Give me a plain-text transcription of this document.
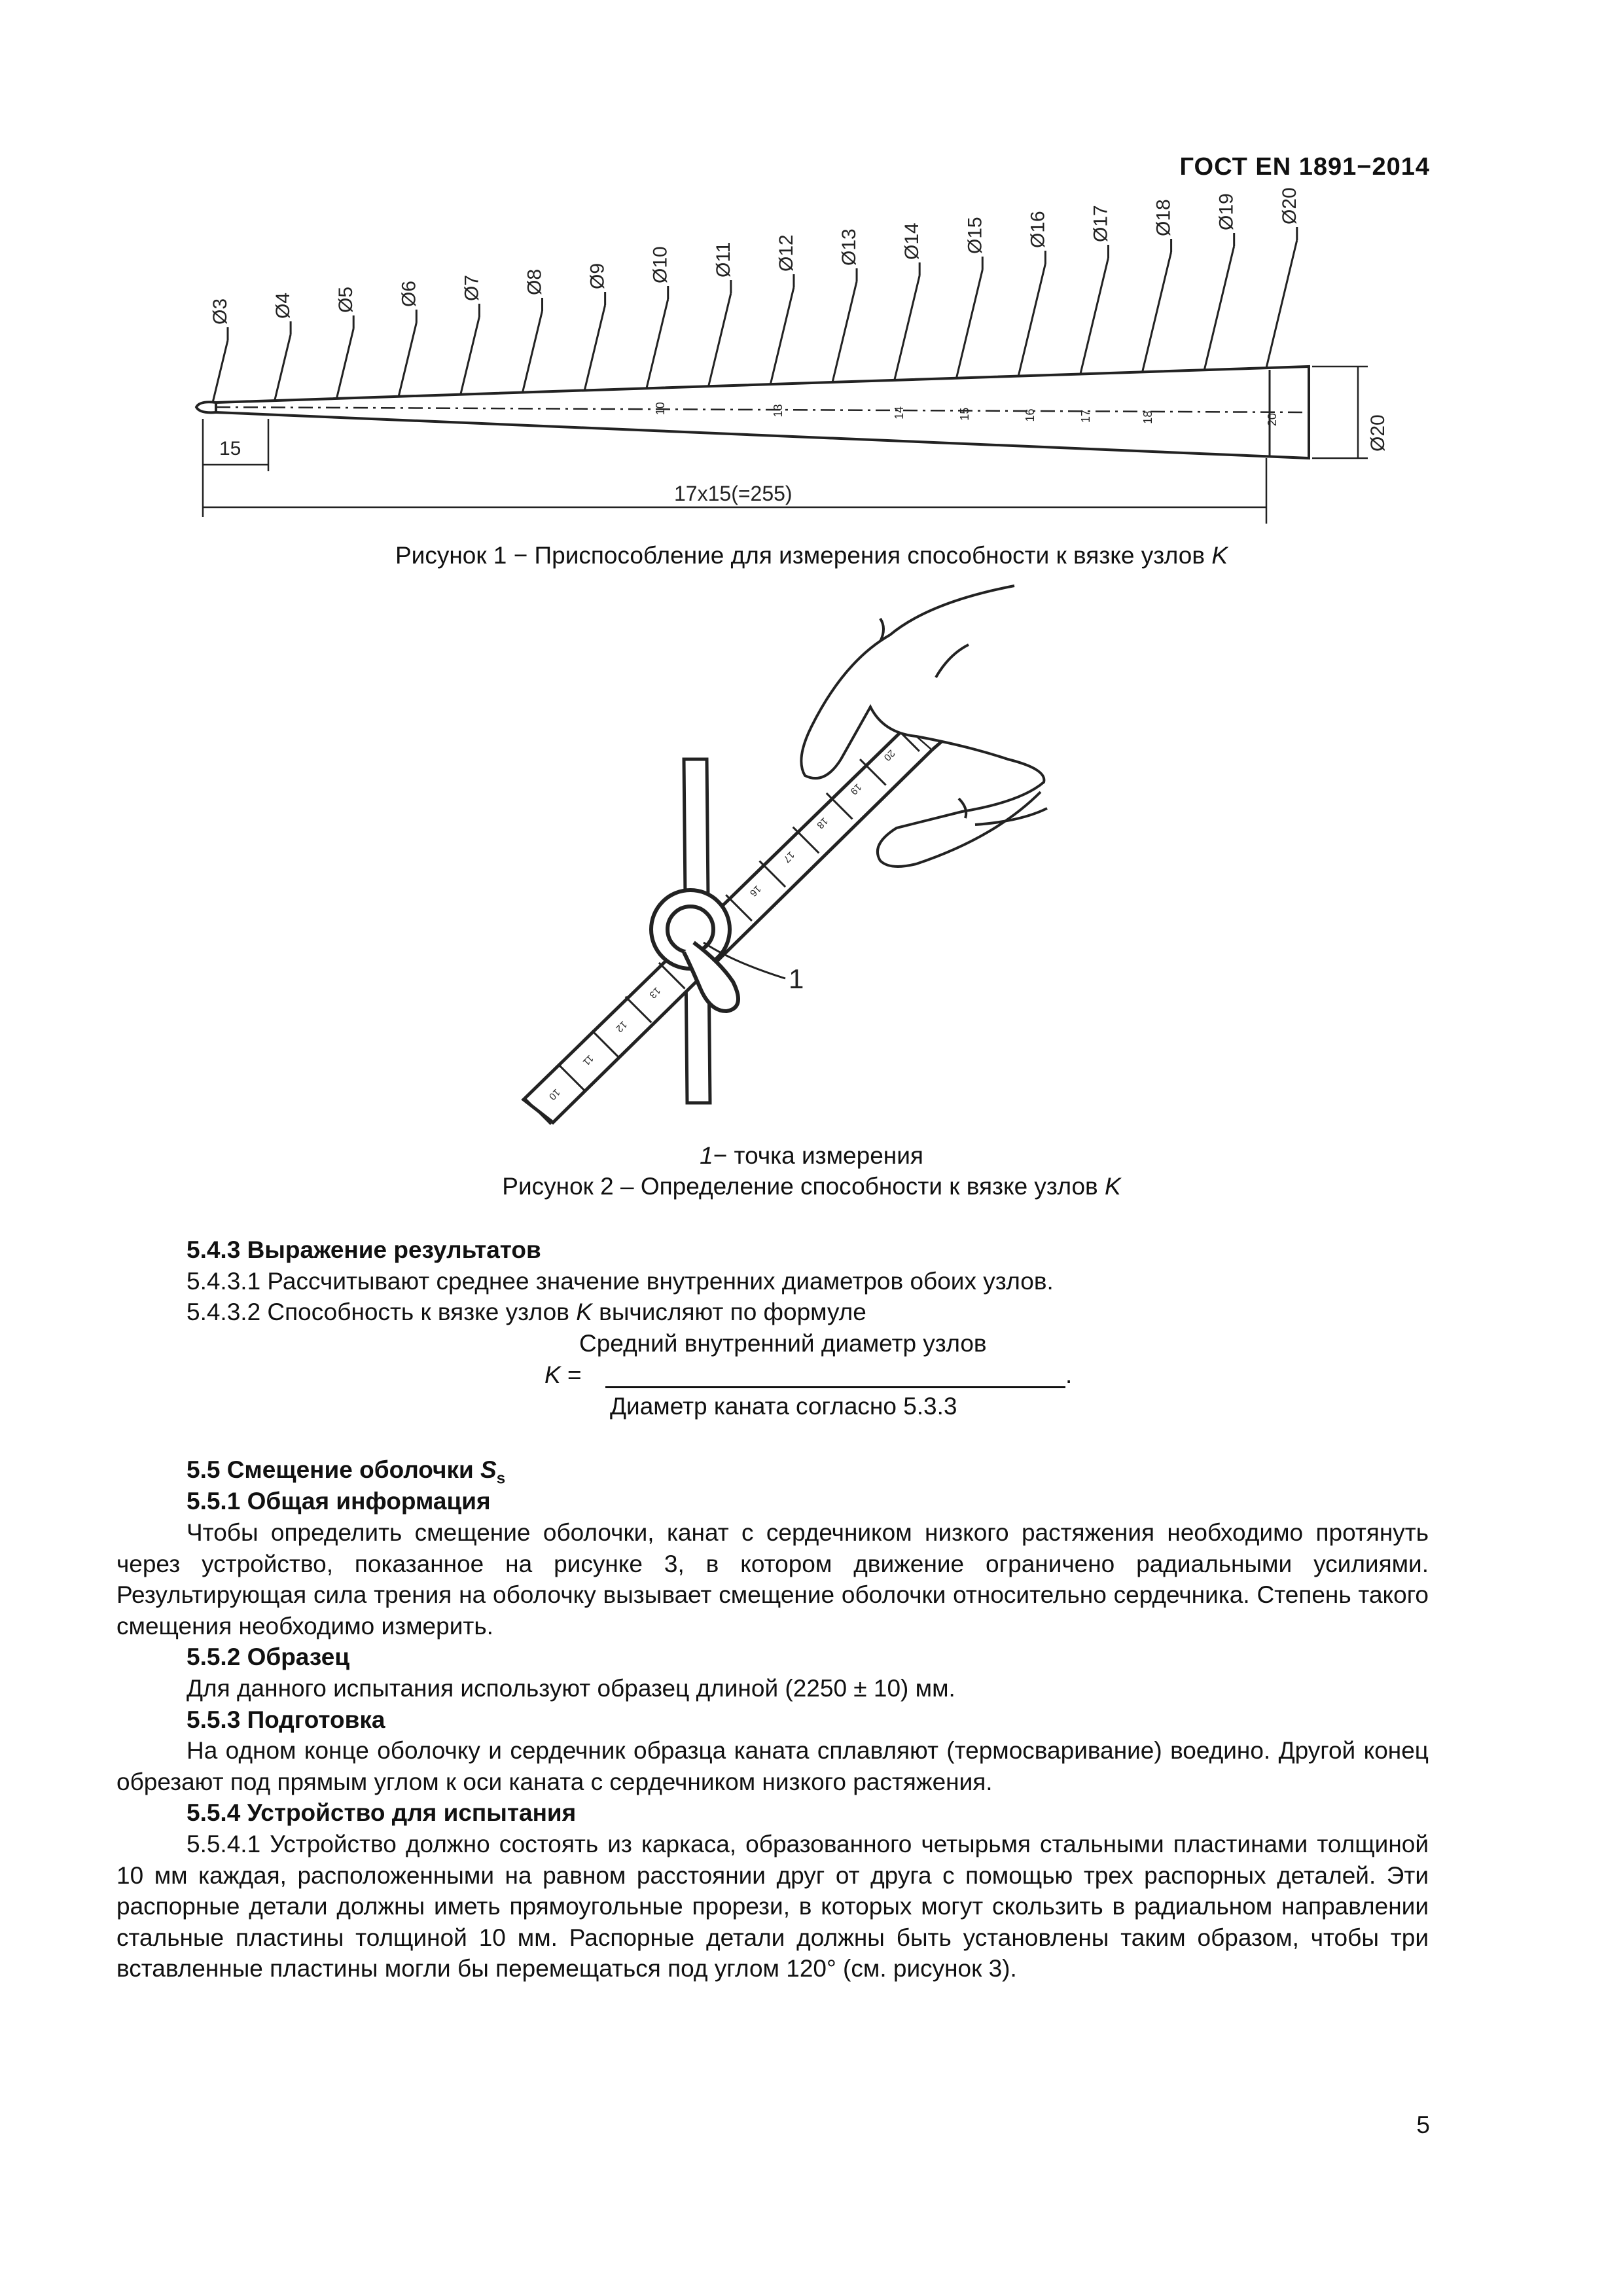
ГОСТ EN 1891−2014
Ø3 Ø4 Ø5 Ø6 Ø7 Ø8 Ø9 Ø10 Ø11 Ø12 Ø13 Ø14 Ø15 Ø16 Ø17 Ø18 Ø19 Ø20
10	13	14	15	16	17	18	20
15
17x15(=255)
Ø20
Рисунок 1 − Приспособление для измерения способности к вязке узлов K
20
19
18
17
16
13
12
11
10
1
1− точка измерения
Рисунок 2 – Определение способности к вязке узлов K
5.4.3 Выражение результатов
5.4.3.1 Рассчитывают среднее значение внутренних диаметров обоих узлов.
5.4.3.2 Способность к вязке узлов K вычисляют по формуле
Средний внутренний диаметр узлов
K =	.
Диаметр каната согласно 5.3.3
5.5 Смещение оболочки $S_s$
5.5.1 Общая информация
Чтобы определить смещение оболочки, канат с сердечником низкого растяжения необходимо протянуть через устройство, показанное на рисунке 3, в котором движение ограничено радиальными усилиями. Результирующая сила трения на оболочку вызывает смещение оболочки относительно сердечника. Степень такого смещения необходимо измерить.
5.5.2 Образец
Для данного испытания используют образец длиной (2250 ± 10) мм.
5.5.3 Подготовка
На одном конце оболочку и сердечник образца каната сплавляют (термосваривание) воедино. Другой конец обрезают под прямым углом к оси каната с сердечником низкого растяжения.
5.5.4 Устройство для испытания
5.5.4.1 Устройство должно состоять из каркаса, образованного четырьмя стальными пластинами толщиной 10 мм каждая, расположенными на равном расстоянии друг от друга с помощью трех распорных деталей. Эти распорные детали должны иметь прямоугольные прорези, в которых могут скользить в радиальном направлении стальные пластины толщиной 10 мм. Распорные детали должны быть установлены таким образом, чтобы три вставленные пластины могли бы перемещаться под углом 120° (см. рисунок 3).
5
